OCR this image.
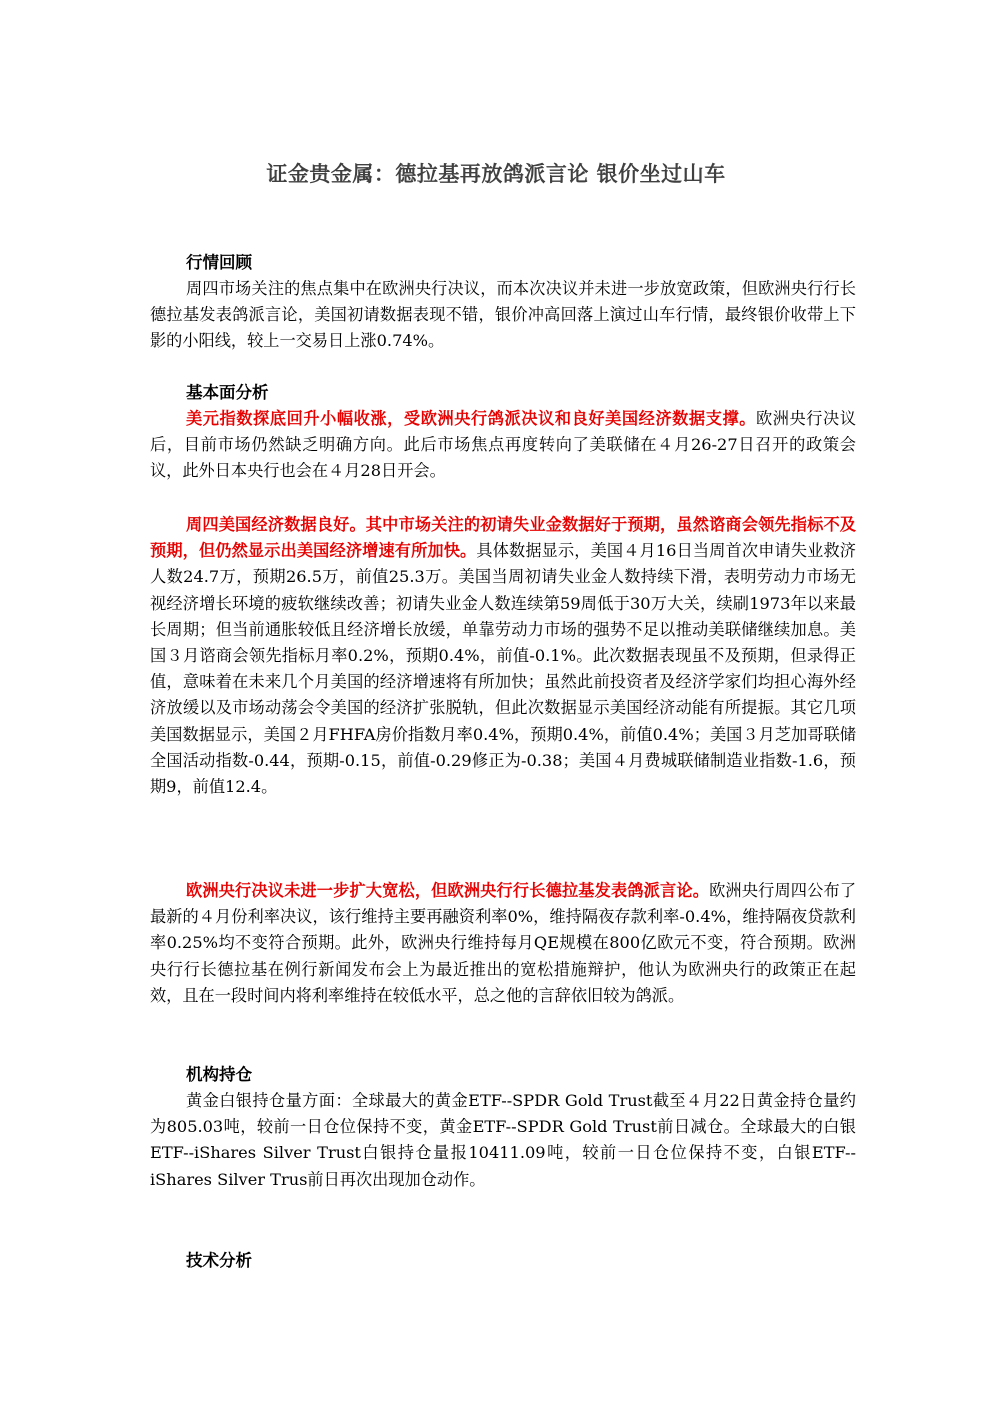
证金贵金属：德拉基再放鸽派言论 银价坐过山车
行情回顾

周四市场关注的焦点集中在欧洲央行决议，而本次决议并未进一步放宽政策，但欧洲央行行长德拉基发表鸽派言论，美国初请数据表现不错，银价冲高回落上演过山车行情，最终银价收带上下影的小阳线，较上一交易日上涨0.74%。

基本面分析

美元指数探底回升小幅收涨，受欧洲央行鸽派决议和良好美国经济数据支撑。欧洲央行决议后，目前市场仍然缺乏明确方向。此后市场焦点再度转向了美联储在４月26-27日召开的政策会议，此外日本央行也会在４月28日开会。

周四美国经济数据良好。其中市场关注的初请失业金数据好于预期，虽然谘商会领先指标不及预期，但仍然显示出美国经济增速有所加快。具体数据显示，美国４月16日当周首次申请失业救济人数24.7万，预期26.5万，前值25.3万。美国当周初请失业金人数持续下滑，表明劳动力市场无视经济增长环境的疲软继续改善；初请失业金人数连续第59周低于30万大关，续刷1973年以来最长周期；但当前通胀较低且经济增长放缓，单靠劳动力市场的强势不足以推动美联储继续加息。美国３月谘商会领先指标月率0.2%，预期0.4%，前值-0.1%。此次数据表现虽不及预期，但录得正值，意味着在未来几个月美国的经济增速将有所加快；虽然此前投资者及经济学家们均担心海外经济放缓以及市场动荡会令美国的经济扩张脱轨，但此次数据显示美国经济动能有所提振。其它几项美国数据显示，美国２月FHFA房价指数月率0.4%，预期0.4%，前值0.4%；美国３月芝加哥联储全国活动指数-0.44，预期-0.15，前值-0.29修正为-0.38；美国４月费城联储制造业指数-1.6，预期9，前值12.4。

欧洲央行决议未进一步扩大宽松，但欧洲央行行长德拉基发表鸽派言论。欧洲央行周四公布了最新的４月份利率决议，该行维持主要再融资利率0%，维持隔夜存款利率-0.4%，维持隔夜贷款利率0.25%均不变符合预期。此外，欧洲央行维持每月QE规模在800亿欧元不变，符合预期。欧洲央行行长德拉基在例行新闻发布会上为最近推出的宽松措施辩护，他认为欧洲央行的政策正在起效，且在一段时间内将利率维持在较低水平，总之他的言辞依旧较为鸽派。

机构持仓

黄金白银持仓量方面：全球最大的黄金ETF--SPDR Gold Trust截至４月22日黄金持仓量约为805.03吨，较前一日仓位保持不变，黄金ETF--SPDR Gold Trust前日减仓。全球最大的白银ETF--iShares Silver Trust白银持仓量报10411.09吨，较前一日仓位保持不变，白银ETF--iShares Silver Trus前日再次出现加仓动作。

技术分析
